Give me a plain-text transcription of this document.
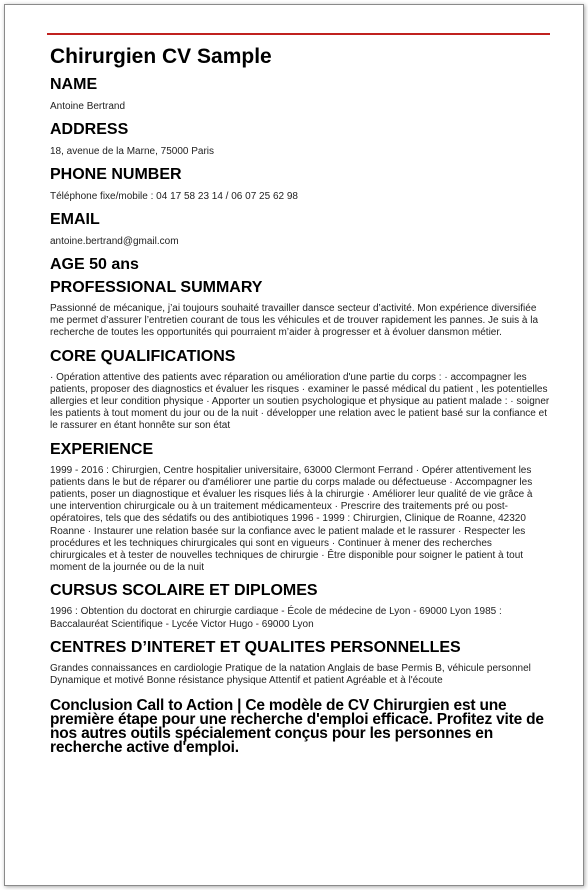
Chirurgien CV Sample
NAME
Antoine Bertrand
ADDRESS
18, avenue de la Marne, 75000 Paris
PHONE NUMBER
Téléphone fixe/mobile : 04 17 58 23 14 / 06 07 25 62 98
EMAIL
antoine.bertrand@gmail.com
AGE 50 ans
PROFESSIONAL SUMMARY
Passionné de mécanique, j’ai toujours souhaité travailler dansce secteur d’activité. Mon expérience diversifiée me permet d’assurer l’entretien courant de tous les véhicules et de trouver rapidement les pannes. Je suis à la recherche de toutes les opportunités qui pourraient m’aider à progresser et à évoluer dansmon métier.
CORE QUALIFICATIONS
· Opération attentive des patients avec réparation ou amélioration d'une partie du corps : · accompagner les patients, proposer des diagnostics et évaluer les risques · examiner le passé médical du patient , les potentielles allergies et leur condition physique · Apporter un soutien psychologique et physique au patient malade : · soigner les patients à tout moment du jour ou de la nuit · développer une relation avec le patient basé sur la confiance et le rassurer en étant honnête sur son état
EXPERIENCE
1999 - 2016 : Chirurgien, Centre hospitalier universitaire, 63000 Clermont Ferrand · Opérer attentivement les patients dans le but de réparer ou d'améliorer une partie du corps malade ou défectueuse · Accompagner les patients, poser un diagnostique et évaluer les risques liés à la chirurgie · Améliorer leur qualité de vie grâce à une intervention chirurgicale ou à un traitement médicamenteux · Prescrire des traitements pré ou post-opératoires, tels que des sédatifs ou des antibiotiques 1996 - 1999 : Chirurgien, Clinique de Roanne, 42320 Roanne · Instaurer une relation basée sur la confiance avec le patient malade et le rassurer · Respecter les procédures et les techniques chirurgicales qui sont en vigueurs · Continuer à mener des recherches chirurgicales et à tester de nouvelles techniques de chirurgie · Être disponible pour soigner le patient à tout moment de la journée ou de la nuit
CURSUS SCOLAIRE ET DIPLOMES
1996 : Obtention du doctorat en chirurgie cardiaque - École de médecine de Lyon - 69000 Lyon 1985 : Baccalauréat Scientifique - Lycée Victor Hugo - 69000 Lyon
CENTRES D’INTERET ET QUALITES PERSONNELLES
Grandes connaissances en cardiologie Pratique de la natation Anglais de base Permis B, véhicule personnel Dynamique et motivé Bonne résistance physique Attentif et patient Agréable et à l'écoute
Conclusion Call to Action | Ce modèle de CV Chirurgien est une première étape pour une recherche d'emploi efficace. Profitez vite de nos autres outils spécialement conçus pour les personnes en recherche active d'emploi.
